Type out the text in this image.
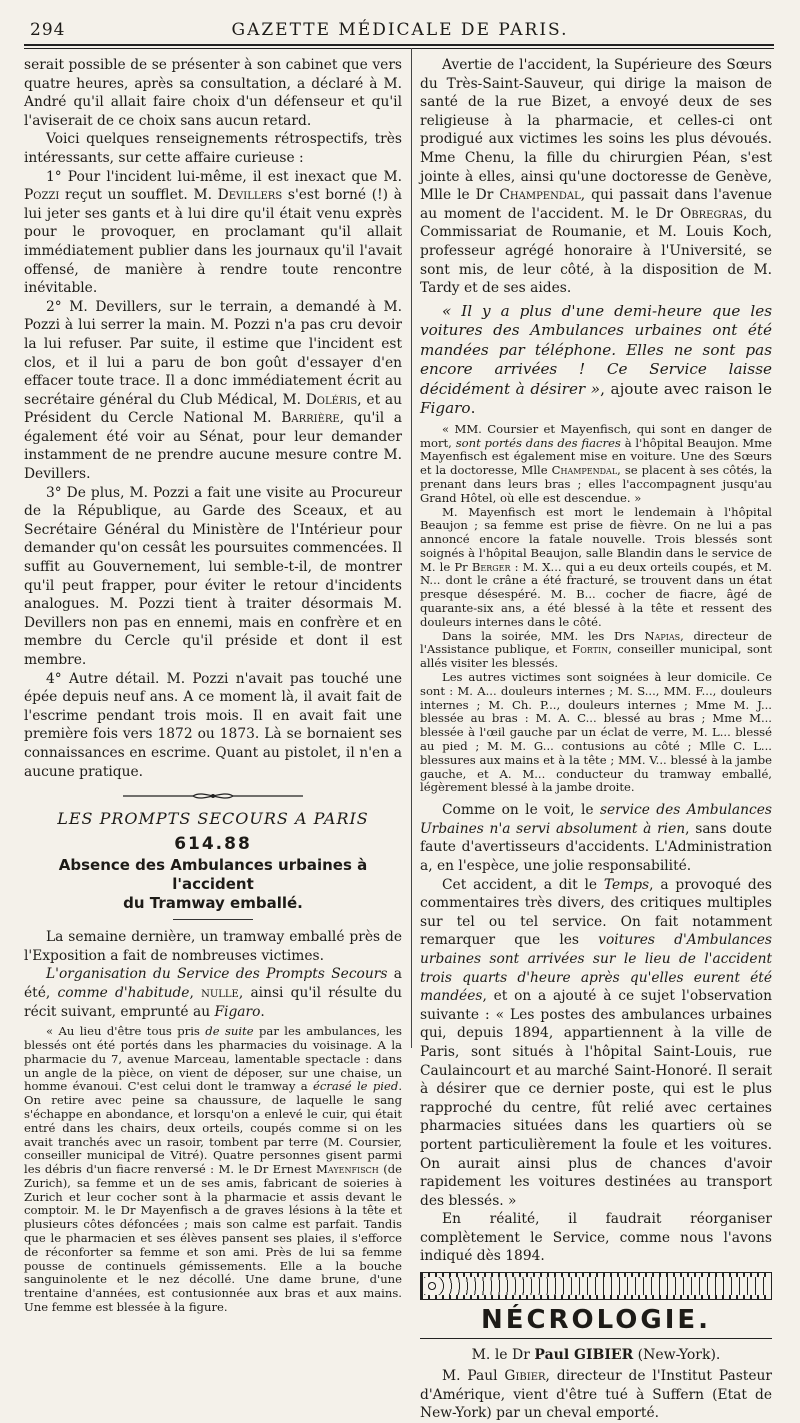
294	GAZETTE MÉDICALE DE PARIS.

serait possible de se présenter à son cabinet que vers quatre heures, après sa consultation, a déclaré à M. André qu'il allait faire choix d'un défenseur et qu'il l'aviserait de ce choix sans aucun retard.

Voici quelques renseignements rétrospectifs, très intéressants, sur cette affaire curieuse :

1° Pour l'incident lui-même, il est inexact que M. Pozzi reçut un soufflet. M. Devillers s'est borné (!) à lui jeter ses gants et à lui dire qu'il était venu exprès pour le provoquer, en proclamant qu'il allait immédiatement publier dans les journaux qu'il l'avait offensé, de manière à rendre toute rencontre inévitable.

2° M. Devillers, sur le terrain, a demandé à M. Pozzi à lui serrer la main. M. Pozzi n'a pas cru devoir la lui refuser. Par suite, il estime que l'incident est clos, et il lui a paru de bon goût d'essayer d'en effacer toute trace. Il a donc immédiatement écrit au secrétaire général du Club Médical, M. Doléris, et au Président du Cercle National M. Barrière, qu'il a également été voir au Sénat, pour leur demander instamment de ne prendre aucune mesure contre M. Devillers.

3° De plus, M. Pozzi a fait une visite au Procureur de la République, au Garde des Sceaux, et au Secrétaire Général du Ministère de l'Intérieur pour demander qu'on cessât les poursuites commencées. Il suffit au Gouvernement, lui semble-t-il, de montrer qu'il peut frapper, pour éviter le retour d'incidents analogues. M. Pozzi tient à traiter désormais M. Devillers non pas en ennemi, mais en confrère et en membre du Cercle qu'il préside et dont il est membre.

4° Autre détail. M. Pozzi n'avait pas touché une épée depuis neuf ans. A ce moment là, il avait fait de l'escrime pendant trois mois. Il en avait fait une première fois vers 1872 ou 1873. Là se bornaient ses connaissances en escrime. Quant au pistolet, il n'en a aucune pratique.

LES PROMPTS SECOURS A PARIS
614.88
Absence des Ambulances urbaines à l'accident
du Tramway emballé.

La semaine dernière, un tramway emballé près de l'Exposition a fait de nombreuses victimes.

L'organisation du Service des Prompts Secours a été, comme d'habitude, nulle, ainsi qu'il résulte du récit suivant, emprunté au Figaro.

« Au lieu d'être tous pris de suite par les ambulances, les blessés ont été portés dans les pharmacies du voisinage. A la pharmacie du 7, avenue Marceau, lamentable spectacle : dans un angle de la pièce, on vient de déposer, sur une chaise, un homme évanoui. C'est celui dont le tramway a écrasé le pied. On retire avec peine sa chaussure, de laquelle le sang s'échappe en abondance, et lorsqu'on a enlevé le cuir, qui était entré dans les chairs, deux orteils, coupés comme si on les avait tranchés avec un rasoir, tombent par terre (M. Coursier, conseiller municipal de Vitré). Quatre personnes gisent parmi les débris d'un fiacre renversé : M. le Dr Ernest Mayenfisch (de Zurich), sa femme et un de ses amis, fabricant de soieries à Zurich et leur cocher sont à la pharmacie et assis devant le comptoir. M. le Dr Mayenfisch a de graves lésions à la tête et plusieurs côtes défoncées ; mais son calme est parfait. Tandis que le pharmacien et ses élèves pansent ses plaies, il s'efforce de réconforter sa femme et son ami. Près de lui sa femme pousse de continuels gémissements. Elle a la bouche sanguinolente et le nez décollé. Une dame brune, d'une trentaine d'années, est contusionnée aux bras et aux mains. Une femme est blessée à la figure.

Avertie de l'accident, la Supérieure des Sœurs du Très-Saint-Sauveur, qui dirige la maison de santé de la rue Bizet, a envoyé deux de ses religieuse à la pharmacie, et celles-ci ont prodigué aux victimes les soins les plus dévoués. Mme Chenu, la fille du chirurgien Péan, s'est jointe à elles, ainsi qu'une doctoresse de Genève, Mlle le Dr Champendal, qui passait dans l'avenue au moment de l'accident. M. le Dr Obregras, du Commissariat de Roumanie, et M. Louis Koch, professeur agrégé honoraire à l'Université, se sont mis, de leur côté, à la disposition de M. Tardy et de ses aides.

« Il y a plus d'une demi-heure que les voitures des Ambulances urbaines ont été mandées par téléphone. Elles ne sont pas encore arrivées ! Ce Service laisse décidément à désirer », ajoute avec raison le Figaro.

« MM. Coursier et Mayenfisch, qui sont en danger de mort, sont portés dans des fiacres à l'hôpital Beaujon. Mme Mayenfisch est également mise en voiture. Une des Sœurs et la doctoresse, Mlle Champendal, se placent à ses côtés, la prenant dans leurs bras ; elles l'accompagnent jusqu'au Grand Hôtel, où elle est descendue. »

M. Mayenfisch est mort le lendemain à l'hôpital Beaujon ; sa femme est prise de fièvre. On ne lui a pas annoncé encore la fatale nouvelle. Trois blessés sont soignés à l'hôpital Beaujon, salle Blandin dans le service de M. le Pr Berger : M. X... qui a eu deux orteils coupés, et M. N... dont le crâne a été fracturé, se trouvent dans un état presque désespéré. M. B... cocher de fiacre, âgé de quarante-six ans, a été blessé à la tête et ressent des douleurs internes dans le côté.

Dans la soirée, MM. les Drs Napias, directeur de l'Assistance publique, et Fortin, conseiller municipal, sont allés visiter les blessés.

Les autres victimes sont soignées à leur domicile. Ce sont : M. A... douleurs internes ; M. S..., MM. F..., douleurs internes ; M. Ch. P..., douleurs internes ; Mme M. J... blessée au bras : M. A. C... blessé au bras ; Mme M... blessée à l'œil gauche par un éclat de verre, M. L... blessé au pied ; M. M. G... contusions au côté ; Mlle C. L... blessures aux mains et à la tête ; MM. V... blessé à la jambe gauche, et A. M... conducteur du tramway emballé, légèrement blessé à la jambe droite.

Comme on le voit, le service des Ambulances Urbaines n'a servi absolument à rien, sans doute faute d'avertisseurs d'accidents. L'Administration a, en l'espèce, une jolie responsabilité.

Cet accident, a dit le Temps, a provoqué des commentaires très divers, des critiques multiples sur tel ou tel service. On fait notamment remarquer que les voitures d'Ambulances urbaines sont arrivées sur le lieu de l'accident trois quarts d'heure après qu'elles eurent été mandées, et on a ajouté à ce sujet l'observation suivante : « Les postes des ambulances urbaines qui, depuis 1894, appartiennent à la ville de Paris, sont situés à l'hôpital Saint-Louis, rue Caulaincourt et au marché Saint-Honoré. Il serait à désirer que ce dernier poste, qui est le plus rapproché du centre, fût relié avec certaines pharmacies situées dans les quartiers où se portent particulièrement la foule et les voitures. On aurait ainsi plus de chances d'avoir rapidement les voitures destinées au transport des blessés. »

En réalité, il faudrait réorganiser complètement le Service, comme nous l'avons indiqué dès 1894.

NÉCROLOGIE.
M. le Dr Paul GIBIER (New-York).

M. Paul Gibier, directeur de l'Institut Pasteur d'Amérique, vient d'être tué à Suffern (Etat de New-York) par un cheval emporté.
